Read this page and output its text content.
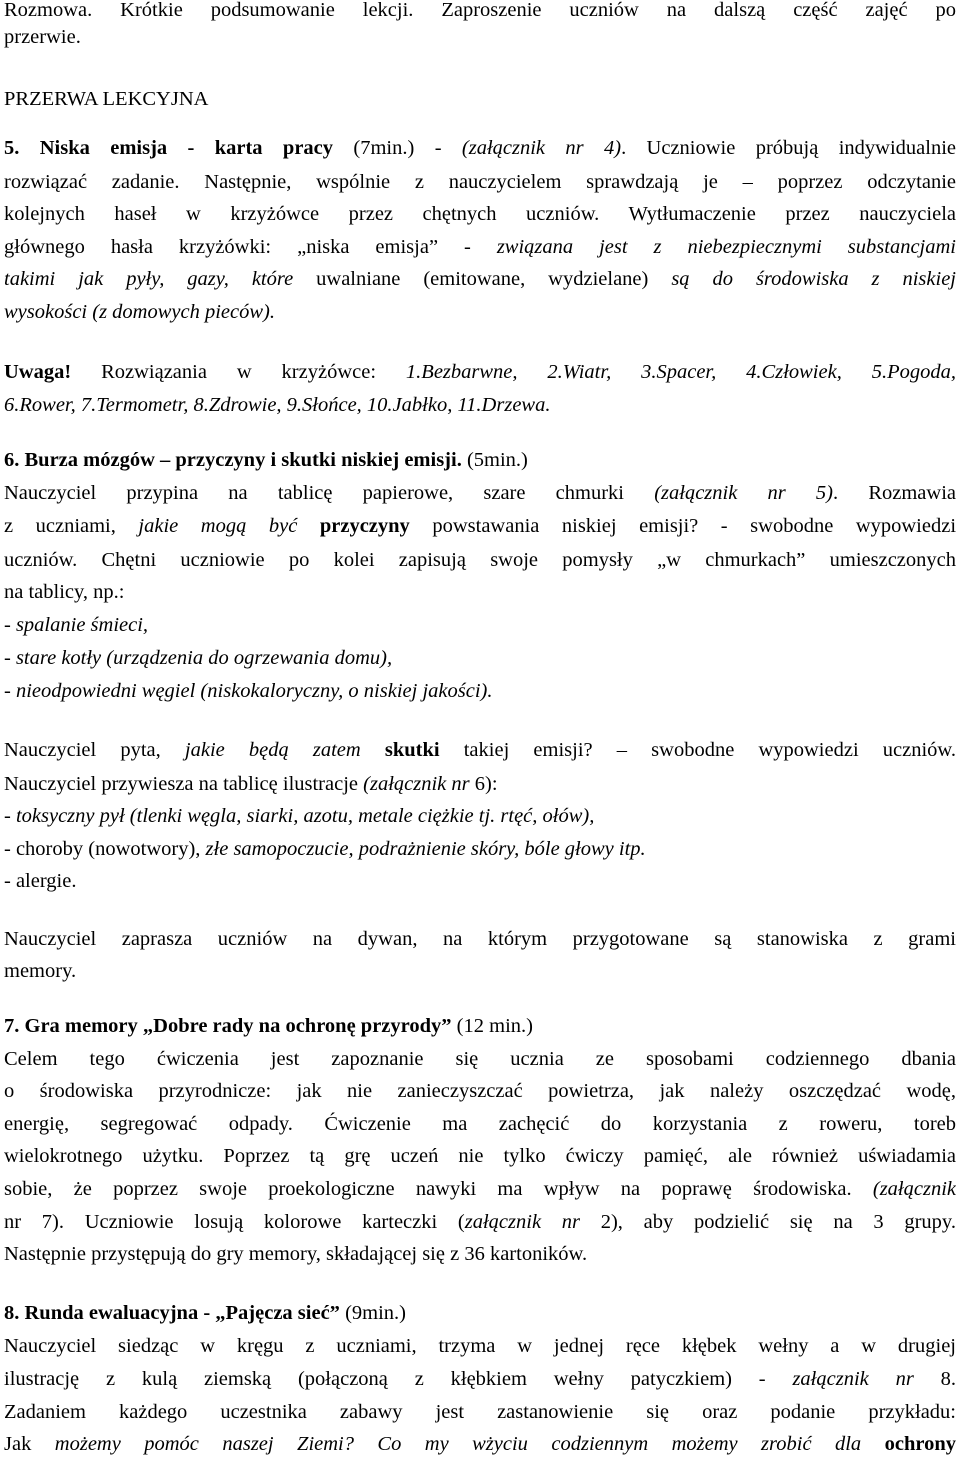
Rozmowa. Krótkie podsumowanie lekcji. Zaproszenie uczniów na dalszą część zajęć po
przerwie.
PRZERWA LEKCYJNA
5. Niska emisja - karta pracy (7min.) - (załącznik nr 4). Uczniowie próbują indywidualnie
rozwiązać zadanie. Następnie, wspólnie z nauczycielem sprawdzają je – poprzez odczytanie
kolejnych haseł w krzyżówce przez chętnych uczniów. Wytłumaczenie przez nauczyciela
głównego hasła krzyżówki: „niska emisja” - związana jest z niebezpiecznymi substancjami
takimi jak pyły, gazy, które uwalniane (emitowane, wydzielane) są do środowiska z niskiej
wysokości (z domowych pieców).
Uwaga! Rozwiązania w krzyżówce: 1.Bezbarwne, 2.Wiatr, 3.Spacer, 4.Człowiek, 5.Pogoda,
6.Rower, 7.Termometr, 8.Zdrowie, 9.Słońce, 10.Jabłko, 11.Drzewa.
6. Burza mózgów – przyczyny i skutki niskiej emisji. (5min.)
Nauczyciel przypina na tablicę papierowe, szare chmurki (załącznik nr 5). Rozmawia
z uczniami, jakie mogą być przyczyny powstawania niskiej emisji? - swobodne wypowiedzi
uczniów. Chętni uczniowie po kolei zapisują swoje pomysły „w chmurkach” umieszczonych
na tablicy, np.:
- spalanie śmieci,
- stare kotły (urządzenia do ogrzewania domu),
- nieodpowiedni węgiel (niskokaloryczny, o niskiej jakości).
Nauczyciel pyta, jakie będą zatem skutki takiej emisji? – swobodne wypowiedzi uczniów.
Nauczyciel przywiesza na tablicę ilustracje (załącznik nr 6):
- toksyczny pył (tlenki węgla, siarki, azotu, metale ciężkie tj. rtęć, ołów),
- choroby (nowotwory), złe samopoczucie, podrażnienie skóry, bóle głowy itp.
- alergie.
Nauczyciel zaprasza uczniów na dywan, na którym przygotowane są stanowiska z grami
memory.
7. Gra memory „Dobre rady na ochronę przyrody” (12 min.)
Celem tego ćwiczenia jest zapoznanie się ucznia ze sposobami codziennego dbania
o środowiska przyrodnicze: jak nie zanieczyszczać powietrza, jak należy oszczędzać wodę,
energię, segregować odpady. Ćwiczenie ma zachęcić do korzystania z roweru, toreb
wielokrotnego użytku. Poprzez tą grę uczeń nie tylko ćwiczy pamięć, ale również uświadamia
sobie, że poprzez swoje proekologiczne nawyki ma wpływ na poprawę środowiska. (załącznik
nr 7). Uczniowie losują kolorowe karteczki (załącznik nr 2), aby podzielić się na 3 grupy.
Następnie przystępują do gry memory, składającej się z 36 kartoników.
8. Runda ewaluacyjna - „Pajęcza sieć” (9min.)
Nauczyciel siedząc w kręgu z uczniami, trzyma w jednej ręce kłębek wełny a w drugiej
ilustrację z kulą ziemską (połączoną z kłębkiem wełny patyczkiem) - załącznik nr 8.
Zadaniem każdego uczestnika zabawy jest zastanowienie się oraz podanie przykładu:
Jak możemy pomóc naszej Ziemi? Co my wżyciu codziennym możemy zrobić dla ochrony
